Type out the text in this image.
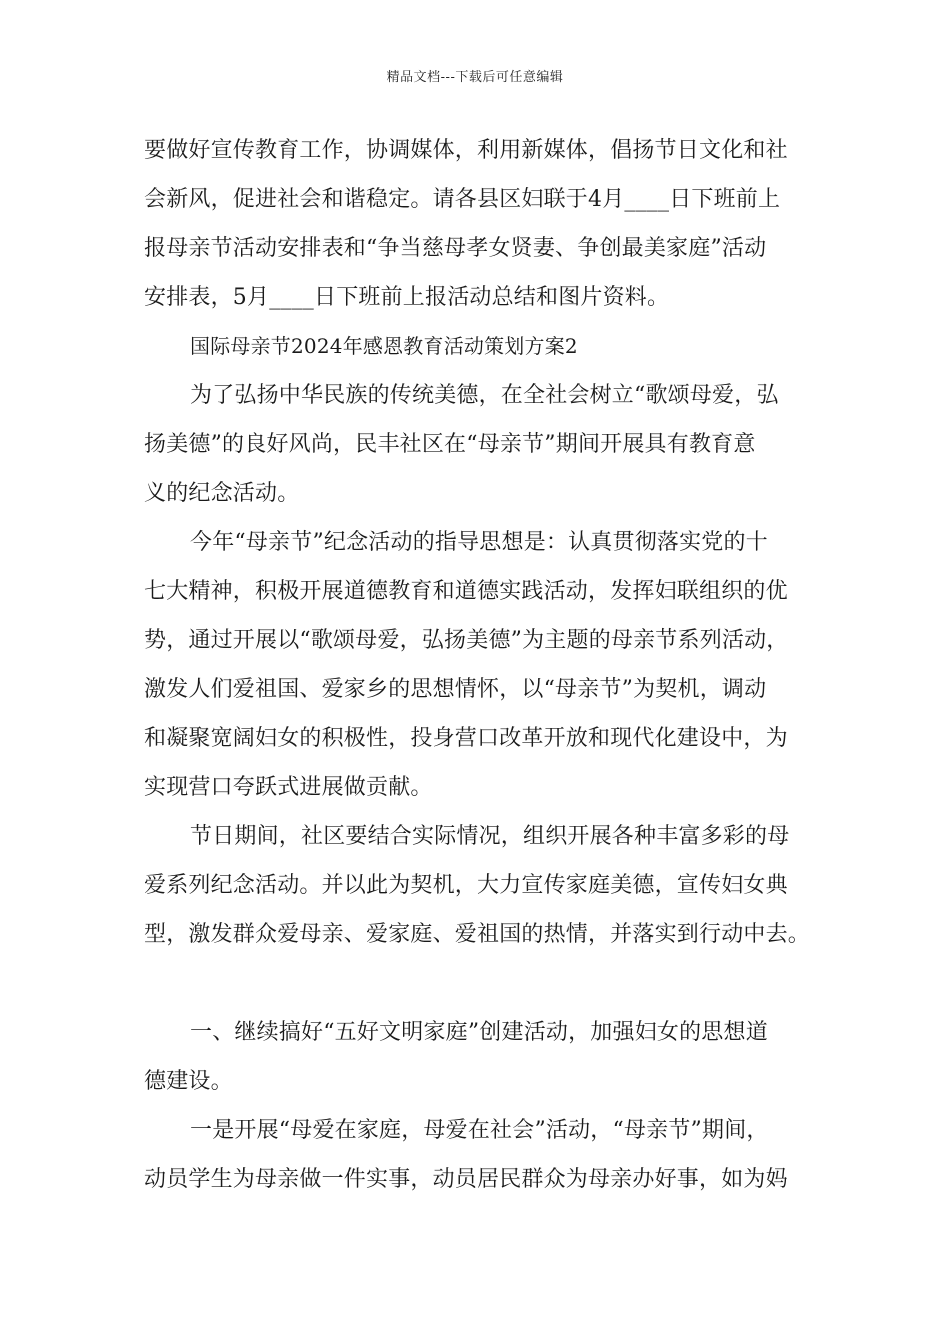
精品文档---下载后可任意编辑
要做好宣传教育工作，协调媒体，利用新媒体，倡扬节日文化和社
会新风，促进社会和谐稳定。请各县区妇联于4月____日下班前上
报母亲节活动安排表和“争当慈母孝女贤妻、争创最美家庭”活动
安排表，5月____日下班前上报活动总结和图片资料。
国际母亲节2024年感恩教育活动策划方案2
为了弘扬中华民族的传统美德，在全社会树立“歌颂母爱，弘
扬美德”的良好风尚，民丰社区在“母亲节”期间开展具有教育意
义的纪念活动。
今年“母亲节”纪念活动的指导思想是：认真贯彻落实党的十
七大精神，积极开展道德教育和道德实践活动，发挥妇联组织的优
势，通过开展以“歌颂母爱，弘扬美德”为主题的母亲节系列活动，
激发人们爱祖国、爱家乡的思想情怀，以“母亲节”为契机，调动
和凝聚宽阔妇女的积极性，投身营口改革开放和现代化建设中，为
实现营口夸跃式进展做贡献。
节日期间，社区要结合实际情况，组织开展各种丰富多彩的母
爱系列纪念活动。并以此为契机，大力宣传家庭美德，宣传妇女典
型，激发群众爱母亲、爱家庭、爱祖国的热情，并落实到行动中去。
一、继续搞好“五好文明家庭”创建活动，加强妇女的思想道
德建设。
一是开展“母爱在家庭，母爱在社会”活动，“母亲节”期间，
动员学生为母亲做一件实事，动员居民群众为母亲办好事，如为妈
